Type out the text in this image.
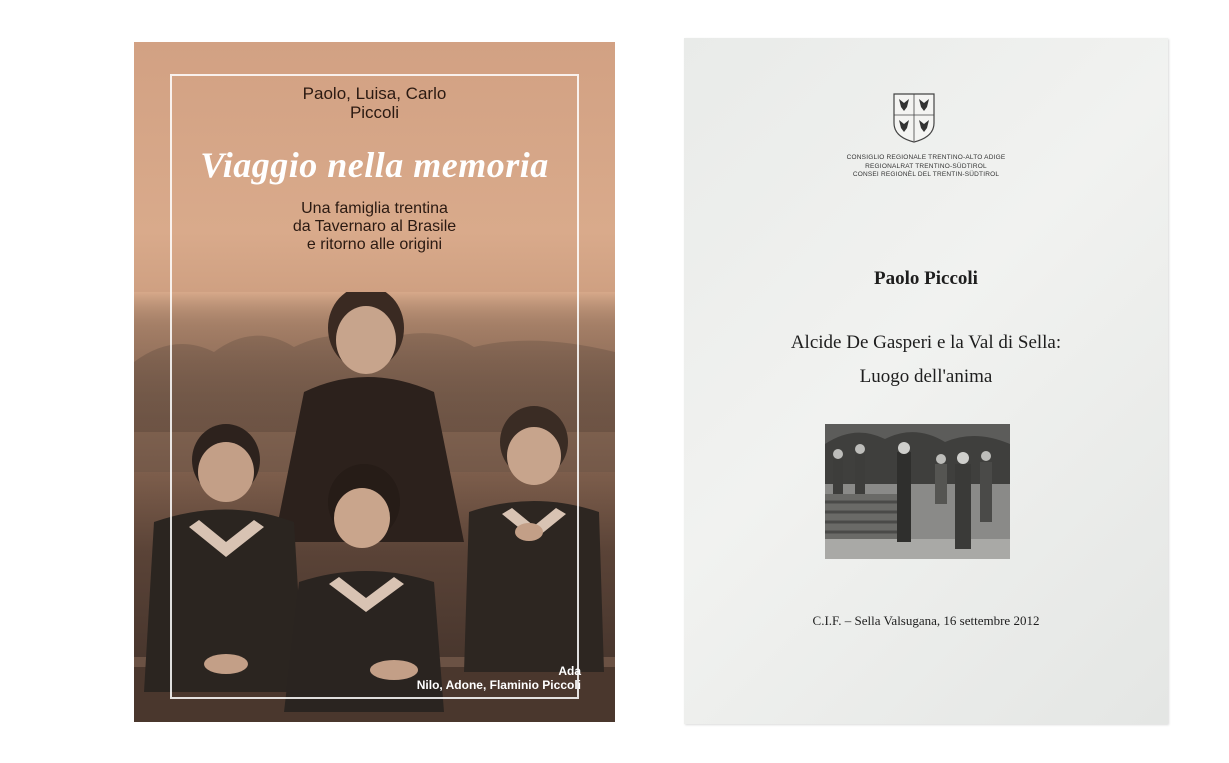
Paolo, Luisa, Carlo
Piccoli
Viaggio nella memoria
Una famiglia trentina
da Tavernaro al Brasile
e ritorno alle origini
Ada
Nilo, Adone, Flaminio Piccoli
CONSIGLIO REGIONALE TRENTINO-ALTO ADIGE
REGIONALRAT TRENTINO-SÜDTIROL
CONSEI REGIONÈL DEL TRENTIN-SÜDTIROL
Paolo Piccoli
Alcide De Gasperi e la Val di Sella:
Luogo dell'anima
C.I.F. – Sella Valsugana, 16 settembre 2012
